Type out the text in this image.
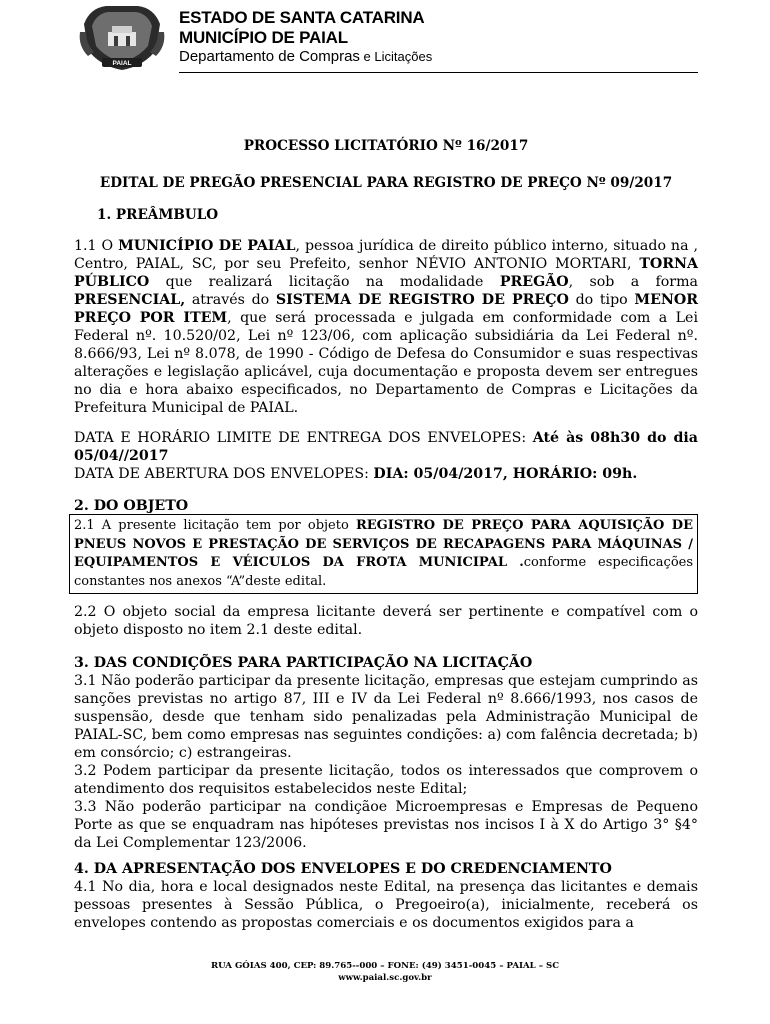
PAIAL
ESTADO DE SANTA CATARINA
MUNICÍPIO DE PAIAL
Departamento de Compras e Licitações
PROCESSO LICITATÓRIO Nº 16/2017
EDITAL DE PREGÃO PRESENCIAL PARA REGISTRO DE PREÇO Nº 09/2017
1. PREÂMBULO

1.1 O MUNICÍPIO DE PAIAL, pessoa jurídica de direito público interno, situado na , Centro, PAIAL, SC, por seu Prefeito, senhor NÉVIO ANTONIO MORTARI, TORNA PÚBLICO que realizará licitação na modalidade PREGÃO, sob a forma PRESENCIAL, através do SISTEMA DE REGISTRO DE PREÇO do tipo MENOR PREÇO POR ITEM, que será processada e julgada em conformidade com a Lei Federal nº. 10.520/02, Lei nº 123/06, com aplicação subsidiária da Lei Federal nº. 8.666/93, Lei nº 8.078, de 1990 - Código de Defesa do Consumidor e suas respectivas alterações e legislação aplicável, cuja documentação e proposta devem ser entregues no dia e hora abaixo especificados, no Departamento de Compras e Licitações da Prefeitura Municipal de PAIAL.

DATA E HORÁRIO LIMITE DE ENTREGA DOS ENVELOPES: Até às 08h30 do dia 05/04//2017

DATA DE ABERTURA DOS ENVELOPES: DIA: 05/04/2017, HORÁRIO: 09h.

2. DO OBJETO
2.1 A presente licitação tem por objeto REGISTRO DE PREÇO PARA AQUISIÇÃO DE PNEUS NOVOS E PRESTAÇÃO DE SERVIÇOS DE RECAPAGENS PARA MÁQUINAS / EQUIPAMENTOS E VÉICULOS DA FROTA MUNICIPAL .conforme especificações constantes nos anexos “A”deste edital.
2.2 O objeto social da empresa licitante deverá ser pertinente e compatível com o objeto disposto no item 2.1 deste edital.
3. DAS CONDIÇÕES PARA PARTICIPAÇÃO NA LICITAÇÃO

3.1 Não poderão participar da presente licitação, empresas que estejam cumprindo as sanções previstas no artigo 87, III e IV da Lei Federal nº 8.666/1993, nos casos de suspensão, desde que tenham sido penalizadas pela Administração Municipal de PAIAL-SC, bem como empresas nas seguintes condições: a) com falência decretada; b) em consórcio; c) estrangeiras.

3.2 Podem participar da presente licitação, todos os interessados que comprovem o atendimento dos requisitos estabelecidos neste Edital;

3.3 Não poderão participar na condiçãoe Microempresas e Empresas de Pequeno Porte as que se enquadram nas hipóteses previstas nos incisos I à X do Artigo 3° §4° da Lei Complementar 123/2006.

4. DA APRESENTAÇÃO DOS ENVELOPES E DO CREDENCIAMENTO
4.1 No dia, hora e local designados neste Edital, na presença das licitantes e demais pessoas presentes à Sessão Pública, o Pregoeiro(a), inicialmente, receberá os envelopes contendo as propostas comerciais e os documentos exigidos para a
RUA GÓIAS 400, CEP: 89.765--000 – FONE: (49) 3451-0045 – PAIAL – SC
www.paial.sc.gov.br
